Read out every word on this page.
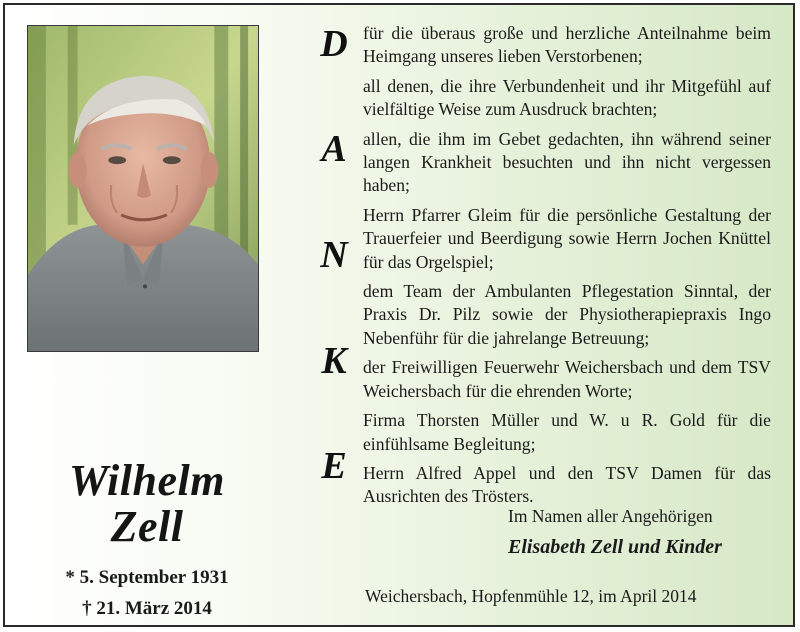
Wilhelm
Zell
* 5. September 1931
† 21. März 2014
D
A
N
K
E
für die überaus große und herzliche Anteilnahme beim Heimgang unseres lieben Verstorbenen;
all denen, die ihre Verbundenheit und ihr Mitgefühl auf vielfältige Weise zum Ausdruck brachten;
allen, die ihm im Gebet gedachten, ihn während seiner langen Krankheit besuchten und ihn nicht vergessen haben;
Herrn Pfarrer Gleim für die persönliche Gestaltung der Trauerfeier und Beerdigung sowie Herrn Jochen Knüttel für das Orgelspiel;
dem Team der Ambulanten Pflegestation Sinntal, der Praxis Dr. Pilz sowie der Physiotherapiepraxis Ingo Nebenführ für die jahrelange Betreuung;
der Freiwilligen Feuerwehr Weichersbach und dem TSV Weichersbach für die ehrenden Worte;
Firma Thorsten Müller und W. u R. Gold für die einfühlsame Begleitung;
Herrn Alfred Appel und den TSV Damen für das Ausrichten des Trösters.
Im Namen aller Angehörigen
Elisabeth Zell und Kinder
Weichersbach, Hopfenmühle 12, im April 2014
